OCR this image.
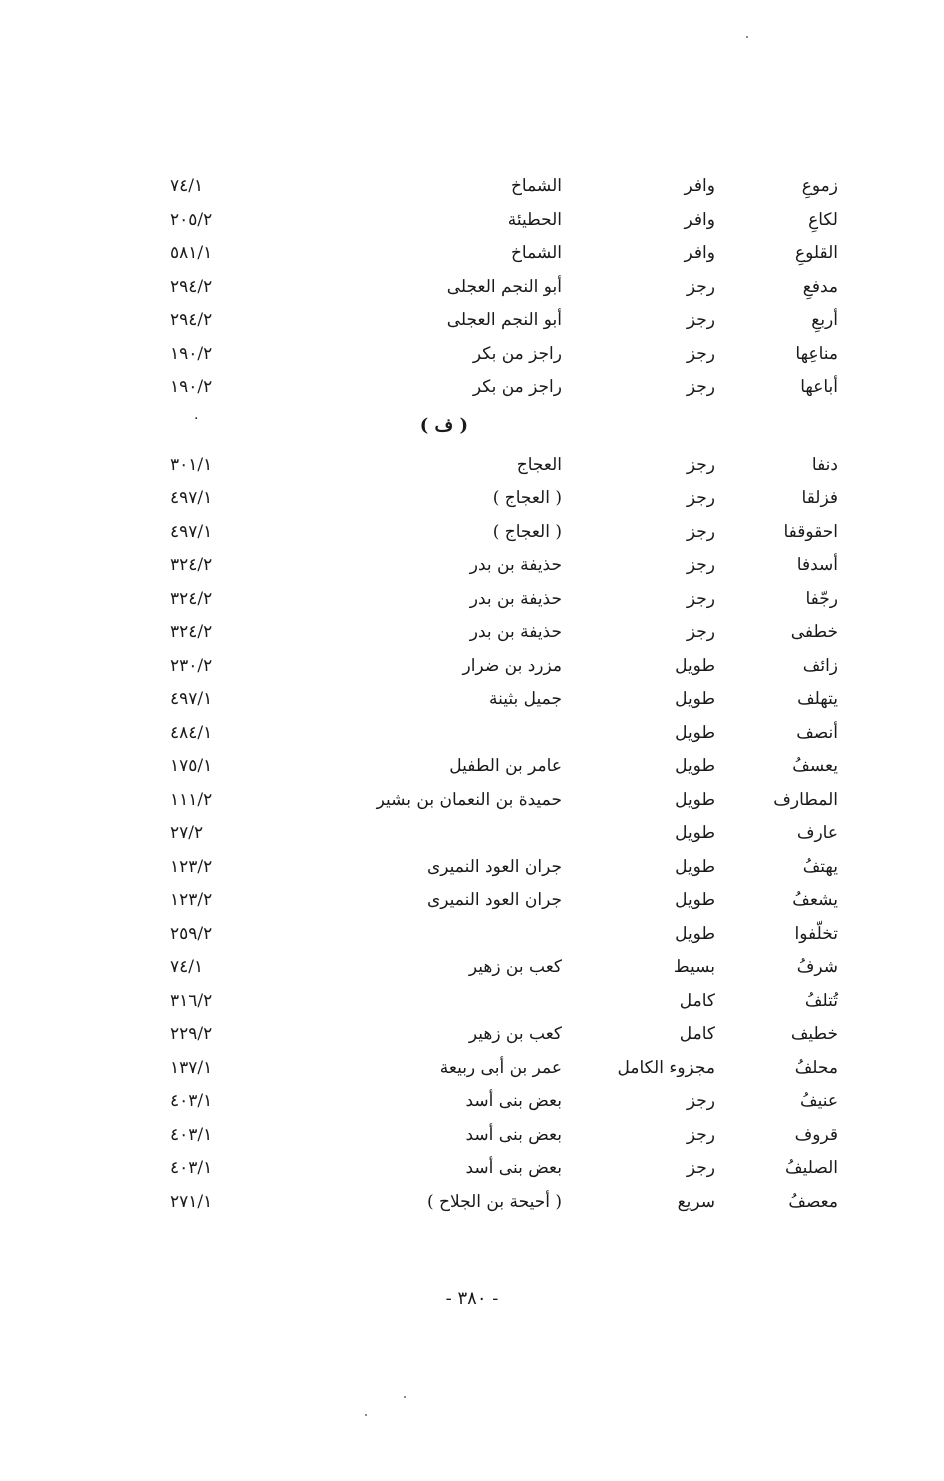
زموعِ
وافر
الشماخ
٧٤/١
لكاعِ
وافر
الحطيئة
٢٠٥/٢
القلوعِ
وافر
الشماخ
٥٨١/١
مدفعِ
رجز
أبو النجم العجلى
٢٩٤/٢
أربعِ
رجز
أبو النجم العجلى
٢٩٤/٢
مناعِها
رجز
راجز من بكر
١٩٠/٢
أباعها
رجز
راجز من بكر
١٩٠/٢
( ف )
·
دنفا
رجز
العجاج
٣٠١/١
فزلقا
رجز
( العجاج )
٤٩٧/١
احقوقفا
رجز
( العجاج )
٤٩٧/١
أسدفا
رجز
حذيفة بن بدر
٣٢٤/٢
رجّفا
رجز
حذيفة بن بدر
٣٢٤/٢
خطفى
رجز
حذيفة بن بدر
٣٢٤/٢
زائف
طويل
مزرد بن ضرار
٢٣٠/٢
يتهلف
طويل
جميل بثينة
٤٩٧/١
أنصف
طويل
٤٨٤/١
يعسفُ
طويل
عامر بن الطفيل
١٧٥/١
المطارف
طويل
حميدة بن النعمان بن بشير
١١١/٢
عارف
طويل
٢٧/٢
يهتفُ
طويل
جران العود النميرى
١٢٣/٢
يشعفُ
طويل
جران العود النميرى
١٢٣/٢
تخلّفوا
طويل
٢٥٩/٢
شرفُ
بسيط
كعب بن زهير
٧٤/١
تُتلفُ
كامل
٣١٦/٢
خطيف
كامل
كعب بن زهير
٢٢٩/٢
محلفُ
مجزوء الكامل
عمر بن أبى ربيعة
١٣٧/١
عنيفُ
رجز
بعض بنى أسد
٤٠٣/١
قروف
رجز
بعض بنى أسد
٤٠٣/١
الصليفُ
رجز
بعض بنى أسد
٤٠٣/١
معصفُ
سريع
( أحيحة بن الجلاح )
٢٧١/١
- ٣٨٠ -
